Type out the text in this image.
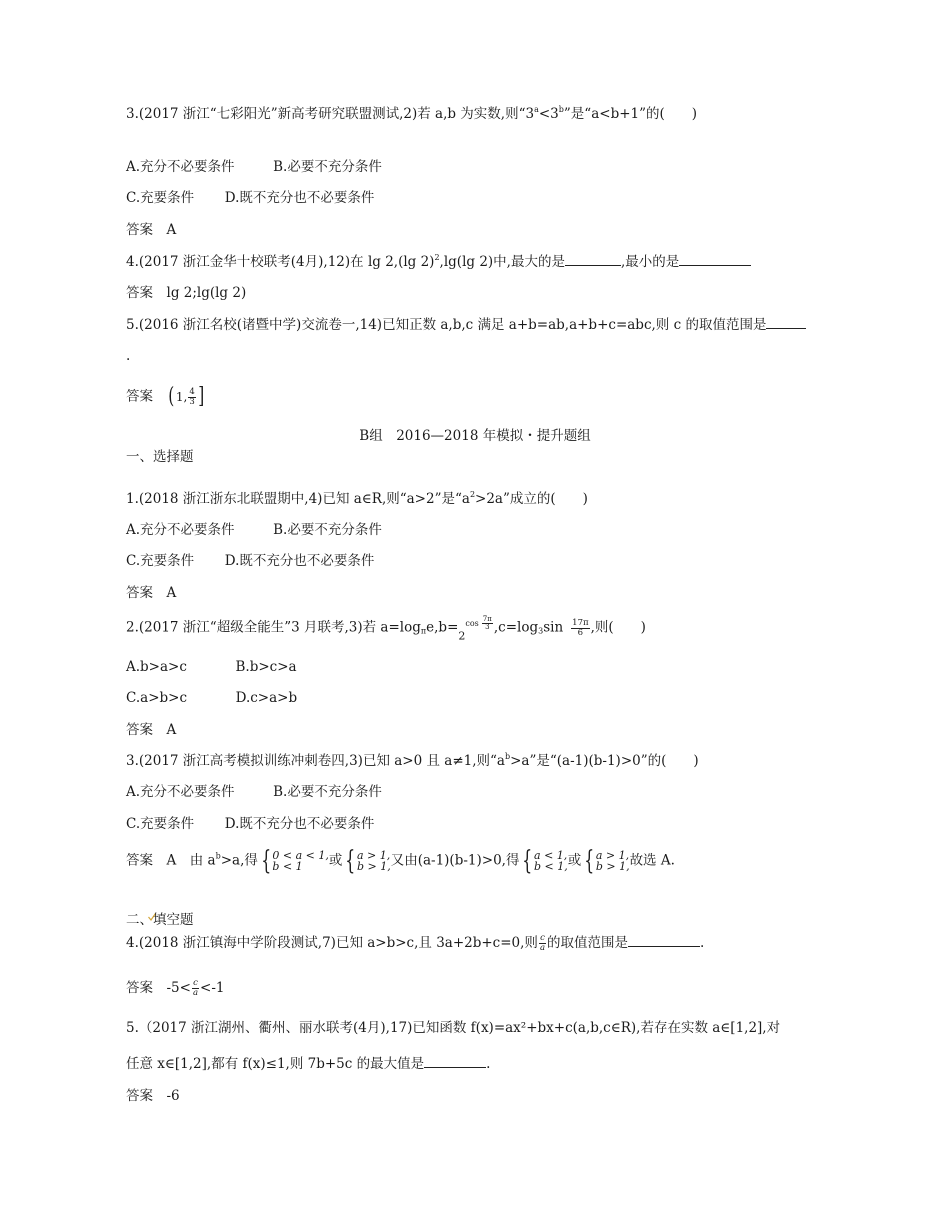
3.(2017 浙江“七彩阳光”新高考研究联盟测试,2)若 a,b 为实数,则“$3^a<3^b$”是“a<b+1”的(　　)
A.充分不必要条件	B.必要不充分条件
C.充要条件 D.既不充分也不必要条件
答案　A
4.(2017 浙江金华十校联考(4月),12)在 lg 2,(lg 2)$^2$,lg(lg 2)中,最大的是	,最小的是
答案　lg 2;lg(lg 2)
5.(2016 浙江名校(诸暨中学)交流卷一,14)已知正数 a,b,c 满足 a+b=ab,a+b+c=abc,则 c 的取值范围是
.
答案 ( 1, $\frac{4}{3}$ ]
B组　2016—2018 年模拟・提升题组
一、选择题
1.(2018 浙江浙东北联盟期中,4)已知 a∈R,则“a>2”是“$a^2>2a$”成立的(　　)
A.充分不必要条件	B.必要不充分条件
C.充要条件 D.既不充分也不必要条件
答案　A
2.(2017 浙江“超级全能生”3 月联考,3)若 $a=\log_\pi e,b=_2$
$\cos \frac{7\pi}{3} ,c=\log_3\sin \frac{17\pi}{6}$ ,则(　　)
A.b>a>c	B.b>c>a
C.a>b>c	D.c>a>b
答案　A
3.(2017 浙江高考模拟训练冲刺卷四,3)已知 a>0 且 a≠1,则“$a^b>a$”是“(a-1)(b-1)>0”的(　　)
A.充分不必要条件	B.必要不充分条件
C.充要条件 D.既不充分也不必要条件
答案　A　由 $a^b>a$,得 { 0 < a < 1,
b < 1	或 { a > 1,
b > 1, 又由(a-1)(b-1)>0,得 { a < 1,
b < 1, 或 { a > 1,
b > 1, 故选 A.
二、填空题
4.(2018 浙江镇海中学阶段测试,7)已知 a>b>c,且 3a+2b+c=0,则 $\frac{c}{a}$ 的取值范围是	.
答案　$-5< \frac{c}{a} <-1$
5.（2017 浙江湖州、衢州、丽水联考(4月),17)已知函数 f(x)=ax²+bx+c(a,b,c∈R),若存在实数 a∈[1,2],对
任意 x∈[1,2],都有 f(x)≤1,则 7b+5c 的最大值是	.
答案　-6
